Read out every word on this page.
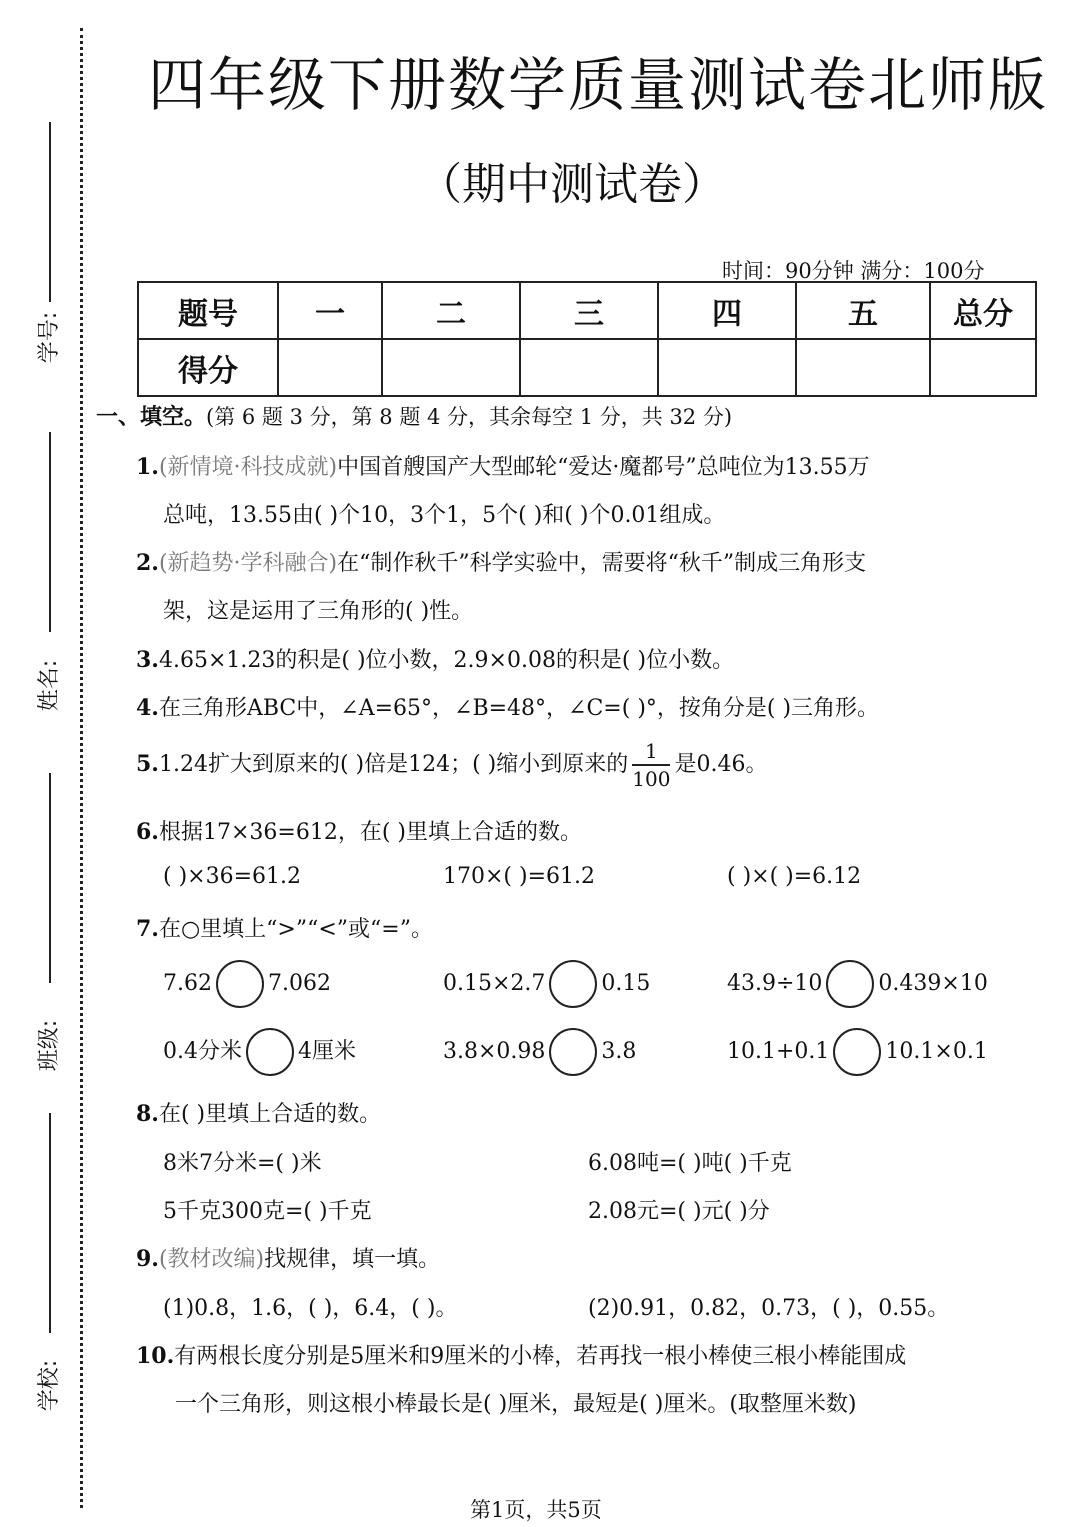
学号:
姓名:
班级:
学校:
四年级下册数学质量测试卷北师版
（期中测试卷）
时间：90分钟 满分：100分
题号	一	二	三	四	五	总分
得分						
一、填空。(第 6 题 3 分，第 8 题 4 分，其余每空 1 分，共 32 分)
1.(新情境·科技成就)中国首艘国产大型邮轮“爱达·魔都号”总吨位为13.55万
总吨，13.55由( )个10，3个1，5个( )和( )个0.01组成。
2.(新趋势·学科融合)在“制作秋千”科学实验中，需要将“秋千”制成三角形支
架，这是运用了三角形的( )性。
3.4.65×1.23的积是( )位小数，2.9×0.08的积是( )位小数。
4.在三角形ABC中，∠A=65°，∠B=48°，∠C=( )°，按角分是( )三角形。
5.1.24扩大到原来的( )倍是124；( )缩小到原来的 $\frac{1}{100}$ 是0.46。
6.根据17×36=612，在( )里填上合适的数。
( )×36=61.2	170×( )=61.2	( )×( )=6.12
7.在○里填上“>”“<”或“=”。
7.62	7.062	0.15×2.7	0.15	43.9÷10	0.439×10
0.4分米	4厘米	3.8×0.98	3.8	10.1+0.1	10.1×0.1
8.在( )里填上合适的数。
8米7分米=( )米	6.08吨=( )吨( )千克
5千克300克=( )千克	2.08元=( )元( )分
9.(教材改编)找规律，填一填。
(1)0.8，1.6，( )，6.4，( )。	(2)0.91，0.82，0.73，( )，0.55。
10.有两根长度分别是5厘米和9厘米的小棒，若再找一根小棒使三根小棒能围成
一个三角形，则这根小棒最长是( )厘米，最短是( )厘米。(取整厘米数)
第1页，共5页
